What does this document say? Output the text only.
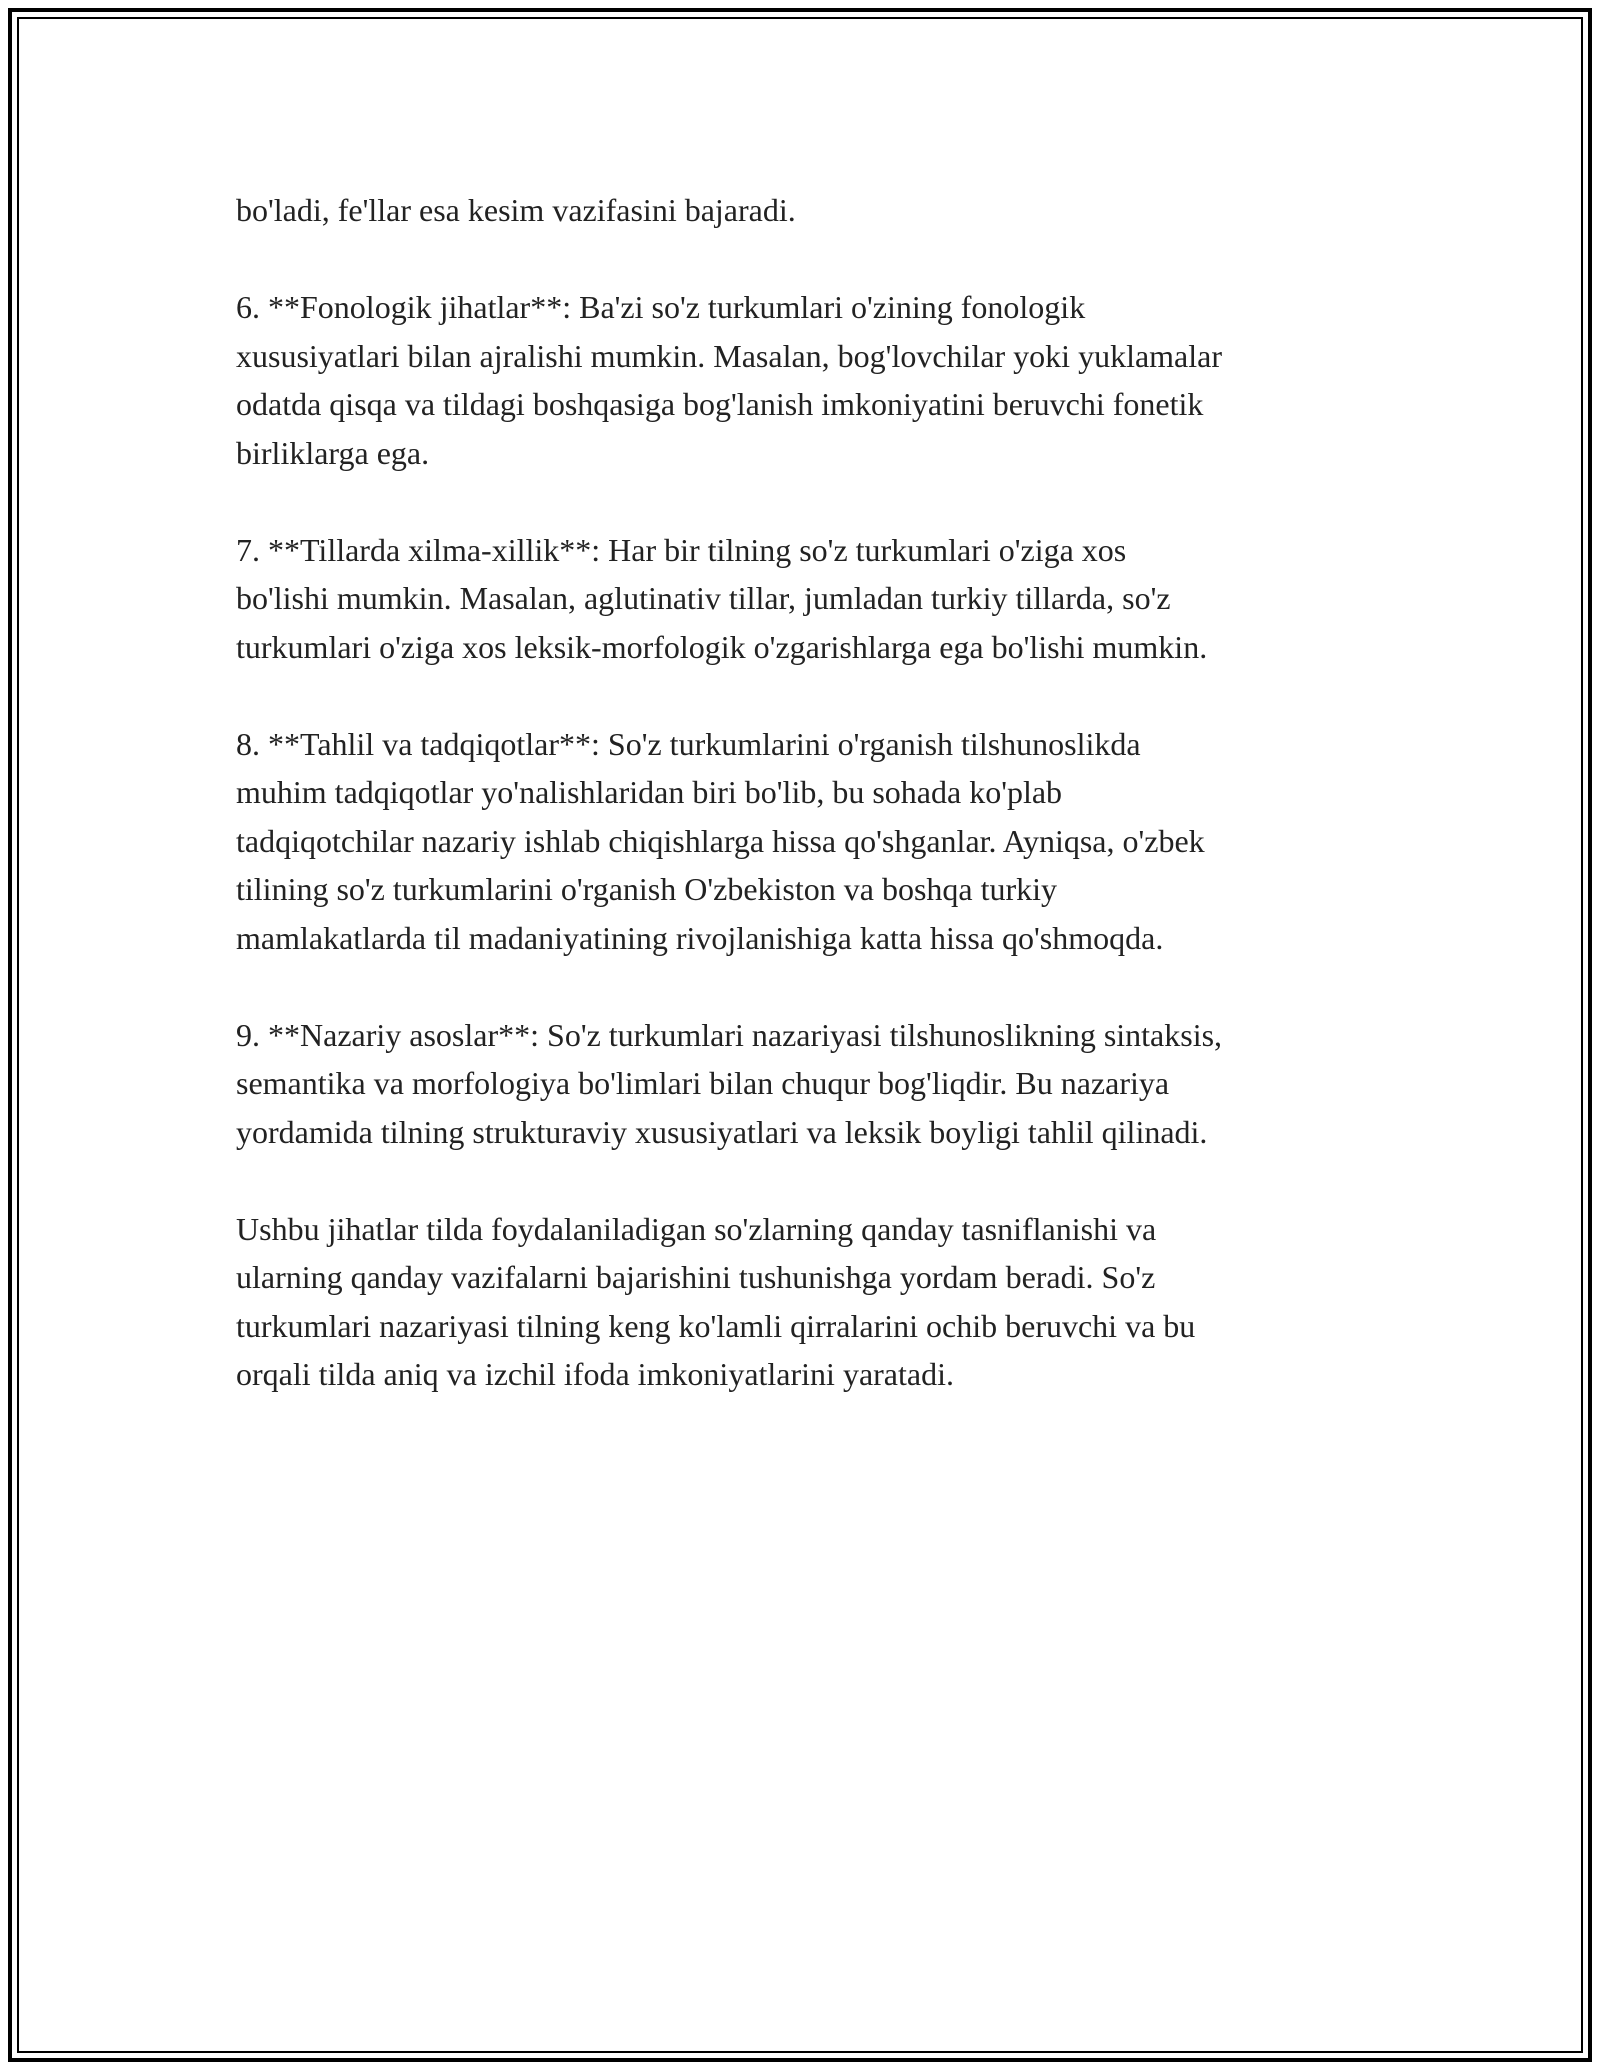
bo'ladi, fe'llar esa kesim vazifasini bajaradi.

6. **Fonologik jihatlar**: Ba'zi so'z turkumlari o'zining fonologik
xususiyatlari bilan ajralishi mumkin. Masalan, bog'lovchilar yoki yuklamalar
odatda qisqa va tildagi boshqasiga bog'lanish imkoniyatini beruvchi fonetik
birliklarga ega.

7. **Tillarda xilma-xillik**: Har bir tilning so'z turkumlari o'ziga xos
bo'lishi mumkin. Masalan, aglutinativ tillar, jumladan turkiy tillarda, so'z
turkumlari o'ziga xos leksik-morfologik o'zgarishlarga ega bo'lishi mumkin.

8. **Tahlil va tadqiqotlar**: So'z turkumlarini o'rganish tilshunoslikda
muhim tadqiqotlar yo'nalishlaridan biri bo'lib, bu sohada ko'plab
tadqiqotchilar nazariy ishlab chiqishlarga hissa qo'shganlar. Ayniqsa, o'zbek
tilining so'z turkumlarini o'rganish O'zbekiston va boshqa turkiy
mamlakatlarda til madaniyatining rivojlanishiga katta hissa qo'shmoqda.

9. **Nazariy asoslar**: So'z turkumlari nazariyasi tilshunoslikning sintaksis,
semantika va morfologiya bo'limlari bilan chuqur bog'liqdir. Bu nazariya
yordamida tilning strukturaviy xususiyatlari va leksik boyligi tahlil qilinadi.

Ushbu jihatlar tilda foydalaniladigan so'zlarning qanday tasniflanishi va
ularning qanday vazifalarni bajarishini tushunishga yordam beradi. So'z
turkumlari nazariyasi tilning keng ko'lamli qirralarini ochib beruvchi va bu
orqali tilda aniq va izchil ifoda imkoniyatlarini yaratadi.
